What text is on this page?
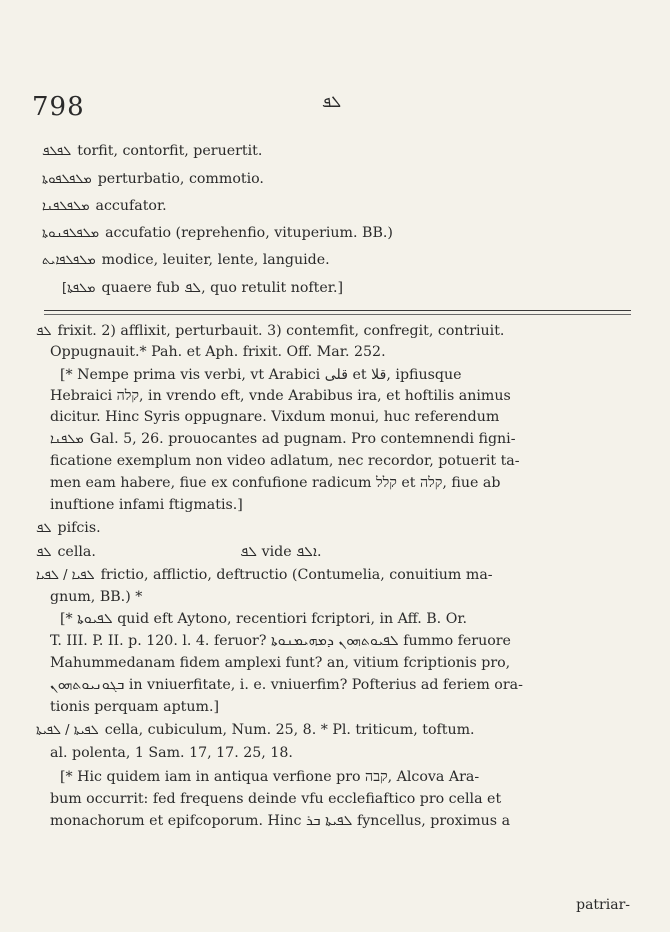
798	ܠܦ
ܠܦܠܦ torfit, contorfit, peruertit.
ܡܠܦܠܦܘܬܐ perturbatio, commotio.
ܡܠܦܠܦܢܐ accufator.
ܡܠܦܠܦܢܘܬܐ accufatio (reprehenfio, vituperium. BB.)
ܡܠܦܠܦܐܝܬ modice, leuiter, lente, languide.
[ܡܠܦܬܐ quaere fub ܠܦ, quo retulit nofter.]
ܠܦ frixit. 2) afflixit, perturbauit. 3) contemfit, confregit, contriuit.
Oppugnauit.* Pah. et Aph. frixit. Off. Mar. 252.
[* Nempe prima vis verbi, vt Arabici قلى et قلا, ipfiusque
Hebraici קלה, in vrendo eft, vnde Arabibus ira, et hoftilis animus
dicitur. Hinc Syris oppugnare. Vixdum monui, huc referendum
ܡܠܦܢܐ Gal. 5, 26. prouocantes ad pugnam. Pro contemnendi figni-
ficatione exemplum non video adlatum, nec recordor, potuerit ta-
men eam habere, fiue ex confufione radicum קלל et קלה, fiue ab
inuftione infami ftigmatis.]
ܠܦ pifcis.
ܠܦ cella.                                ܠܦ vide ܐܠܦ.
ܠܦܝܐ / ܠܦܝܐ frictio, afflictio, deftructio (Contumelia, conuitium ma-
gnum, BB.) *
[* ܠܦܝܘܬܐ quid eft Aytono, recentiori fcriptori, in Aff. B. Or.
T. III. P. II. p. 120. l. 4. feruor? ܠܦܝܘܬܗܘܢ ܕܡܗܝܡܢܘܬܐ fummo feruore
Mahummedanam fidem amplexi funt? an, vitium fcriptionis pro,
ܒܓܘܢܝܘܬܗܘܢ in vniuerfitate, i. e. vniuerfim? Pofterius ad feriem ora-
tionis perquam aptum.]
ܠܦܝܬܐ / ܠܦܝܬܐ cella, cubiculum, Num. 25, 8. * Pl. triticum, toftum.
al. polenta, 1 Sam. 17, 17. 25, 18.
[* Hic quidem iam in antiqua verfione pro קבה, Alcova Ara-
bum occurrit: fed frequens deinde vfu ecclefiaftico pro cella et
monachorum et epifcoporum. Hinc ܠܦܝܬܐ ܒܪ fyncellus, proximus a
patriar-
